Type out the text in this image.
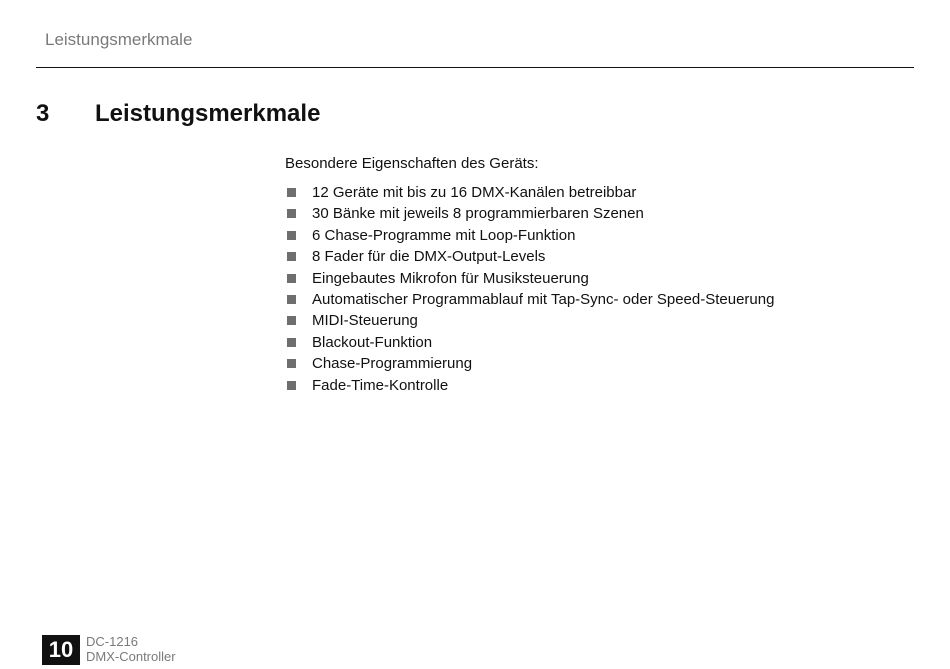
Leistungsmerkmale
3 Leistungsmerkmale
Besondere Eigenschaften des Geräts:
12 Geräte mit bis zu 16 DMX-Kanälen betreibbar
30 Bänke mit jeweils 8 programmierbaren Szenen
6 Chase-Programme mit Loop-Funktion
8 Fader für die DMX-Output-Levels
Eingebautes Mikrofon für Musiksteuerung
Automatischer Programmablauf mit Tap-Sync- oder Speed-Steuerung
MIDI-Steuerung
Blackout-Funktion
Chase-Programmierung
Fade-Time-Kontrolle
10 DC-1216
DMX-Controller
